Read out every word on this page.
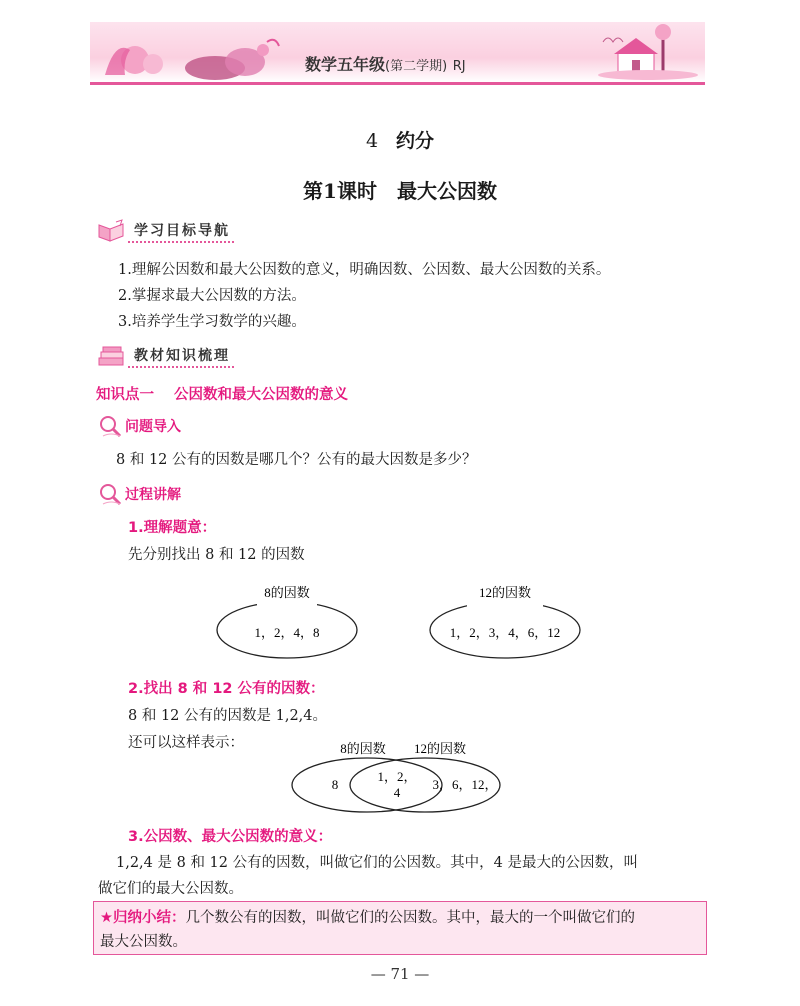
数学五年级(第二学期) RJ
4 约分
第1课时　最大公因数
学习目标导航
1.理解公因数和最大公因数的意义，明确因数、公因数、最大公因数的关系。
2.掌握求最大公因数的方法。
3.培养学生学习数学的兴趣。
教材知识梳理
知识点一 公因数和最大公因数的意义
问题导入
8 和 12 公有的因数是哪几个？公有的最大因数是多少？
过程讲解
1.理解题意：
先分别找出 8 和 12 的因数
8的因数
1，2，4，8
12的因数
1，2，3，4，6，12
2.找出 8 和 12 公有的因数：
8 和 12 公有的因数是 1,2,4。
还可以这样表示：	8的因数 12的因数
8
1，2，
4
3，6，12，
3.公因数、最大公因数的意义：
1,2,4 是 8 和 12 公有的因数，叫做它们的公因数。其中，4 是最大的公因数，叫
做它们的最大公因数。
★归纳小结：几个数公有的因数，叫做它们的公因数。其中，最大的一个叫做它们的
最大公因数。
— 71 —
